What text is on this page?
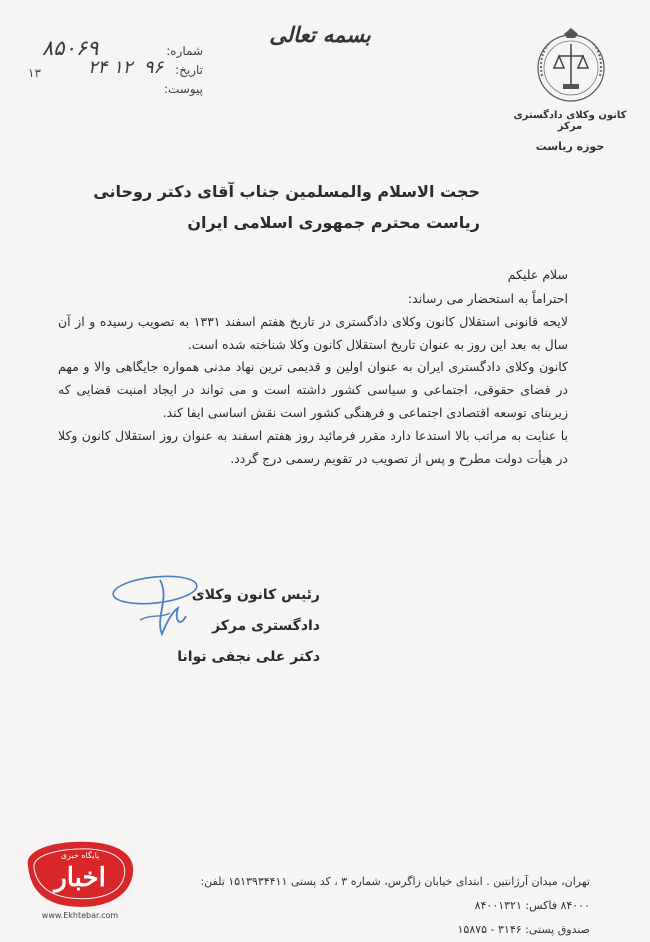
بسمه تعالی
کانون وکلای دادگستری مرکز
حوزه ریاست
شماره:
۸۵۰۶۹
تاریخ:
۹۶  ۱۲ ۲۴
۱۳
پیوست:
حجت الاسلام والمسلمین جناب آقای دکتر روحانی
ریاست محترم جمهوری اسلامی ایران

سلام علیکم

احتراماً به استحضار می رساند:

لایحه قانونی استقلال کانون وکلای دادگستری در تاریخ هفتم اسفند ۱۳۳۱ به تصویب رسیده و از آن سال به بعد این روز به عنوان تاریخ استقلال کانون وکلا شناخته شده است.

کانون وکلای دادگستری ایران به عنوان اولین و قدیمی ترین نهاد مدنی همواره جایگاهی والا و مهم در فضای حقوقی، اجتماعی و سیاسی کشور داشته است و می تواند در ایجاد امنیت قضایی که زیربنای توسعه اقتصادی اجتماعی و فرهنگی کشور است نقش اساسی ایفا کند.

با عنایت به مراتب بالا استدعا دارد مقرر فرمائید روز هفتم اسفند به عنوان روز استقلال کانون وکلا در هیأت دولت مطرح و پس از تصویب در تقویم رسمی درج گردد.

رئیس کانون وکلای دادگستری مرکز
دکتر علی نجفی توانا

تهران، میدان آرژانتین . ابتدای خیابان زاگرس، شماره ۳ ، کد پستی ۱۵۱۳۹۳۴۴۱۱ تلفن: ۸۴۰۰۰ فاکس: ۸۴۰۰۱۳۲۱

صندوق پستی: ۳۱۴۶ - ۱۵۸۷۵

پایگاه خبری
اخبار
www.Ekhtebar.com
